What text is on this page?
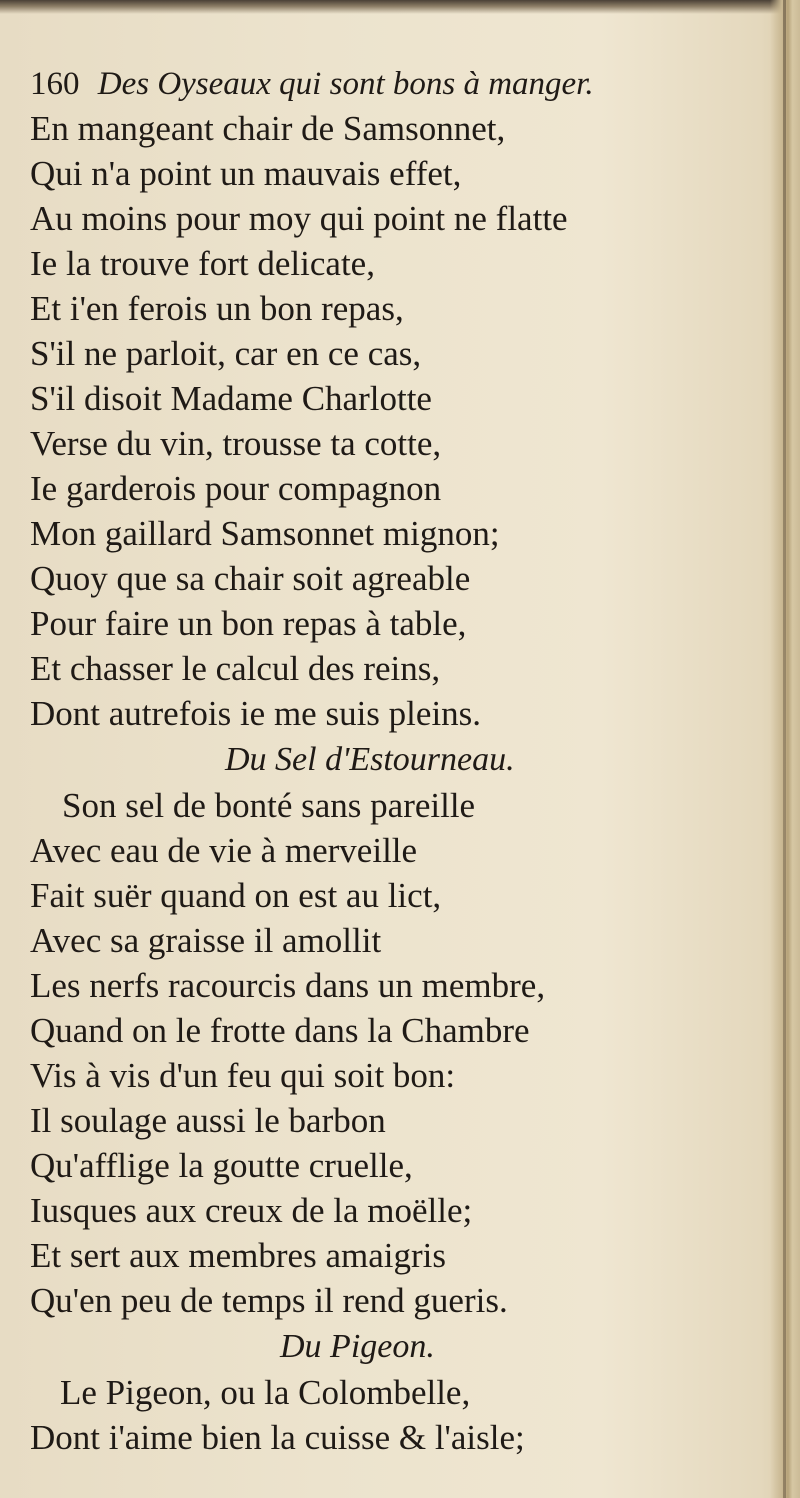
160 Des Oyseaux qui sont bons à manger.
En mangeant chair de Samsonnet,
Qui n'a point un mauvais effet,
Au moins pour moy qui point ne flatte
Ie la trouve fort delicate,
Et i'en ferois un bon repas,
S'il ne parloit, car en ce cas,
S'il disoit Madame Charlotte
Verse du vin, trousse ta cotte,
Ie garderois pour compagnon
Mon gaillard Samsonnet mignon;
Quoy que sa chair soit agreable
Pour faire un bon repas à table,
Et chasser le calcul des reins,
Dont autrefois ie me suis pleins.
Du Sel d'Estourneau.
Son sel de bonté sans pareille
Avec eau de vie à merveille
Fait suër quand on est au lict,
Avec sa graisse il amollit
Les nerfs racourcis dans un membre,
Quand on le frotte dans la Chambre
Vis à vis d'un feu qui soit bon:
Il soulage aussi le barbon
Qu'afflige la goutte cruelle,
Iusques aux creux de la moëlle;
Et sert aux membres amaigris
Qu'en peu de temps il rend gueris.
Du Pigeon.
Le Pigeon, ou la Colombelle,
Dont i'aime bien la cuisse & l'aisle;
